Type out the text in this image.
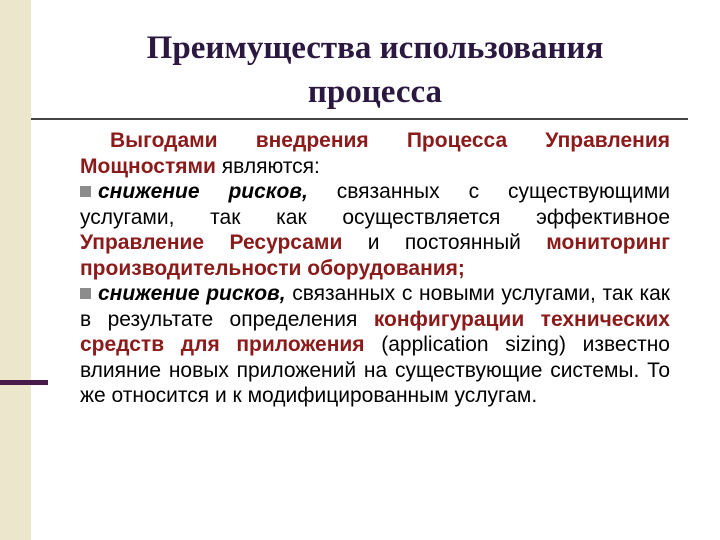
Преимущества использования
процесса

Выгодами внедрения Процесса Управления Мощностями являются:

снижение рисков, связанных с существующими услугами, так как осуществляется эффективное Управление Ресурсами и постоянный мониторинг производительности оборудования;

снижение рисков, связанных с новыми услугами, так как в результате определения конфигурации технических средств для приложения (application sizing) известно влияние новых приложений на существующие системы. То же относится и к модифицированным услугам.
